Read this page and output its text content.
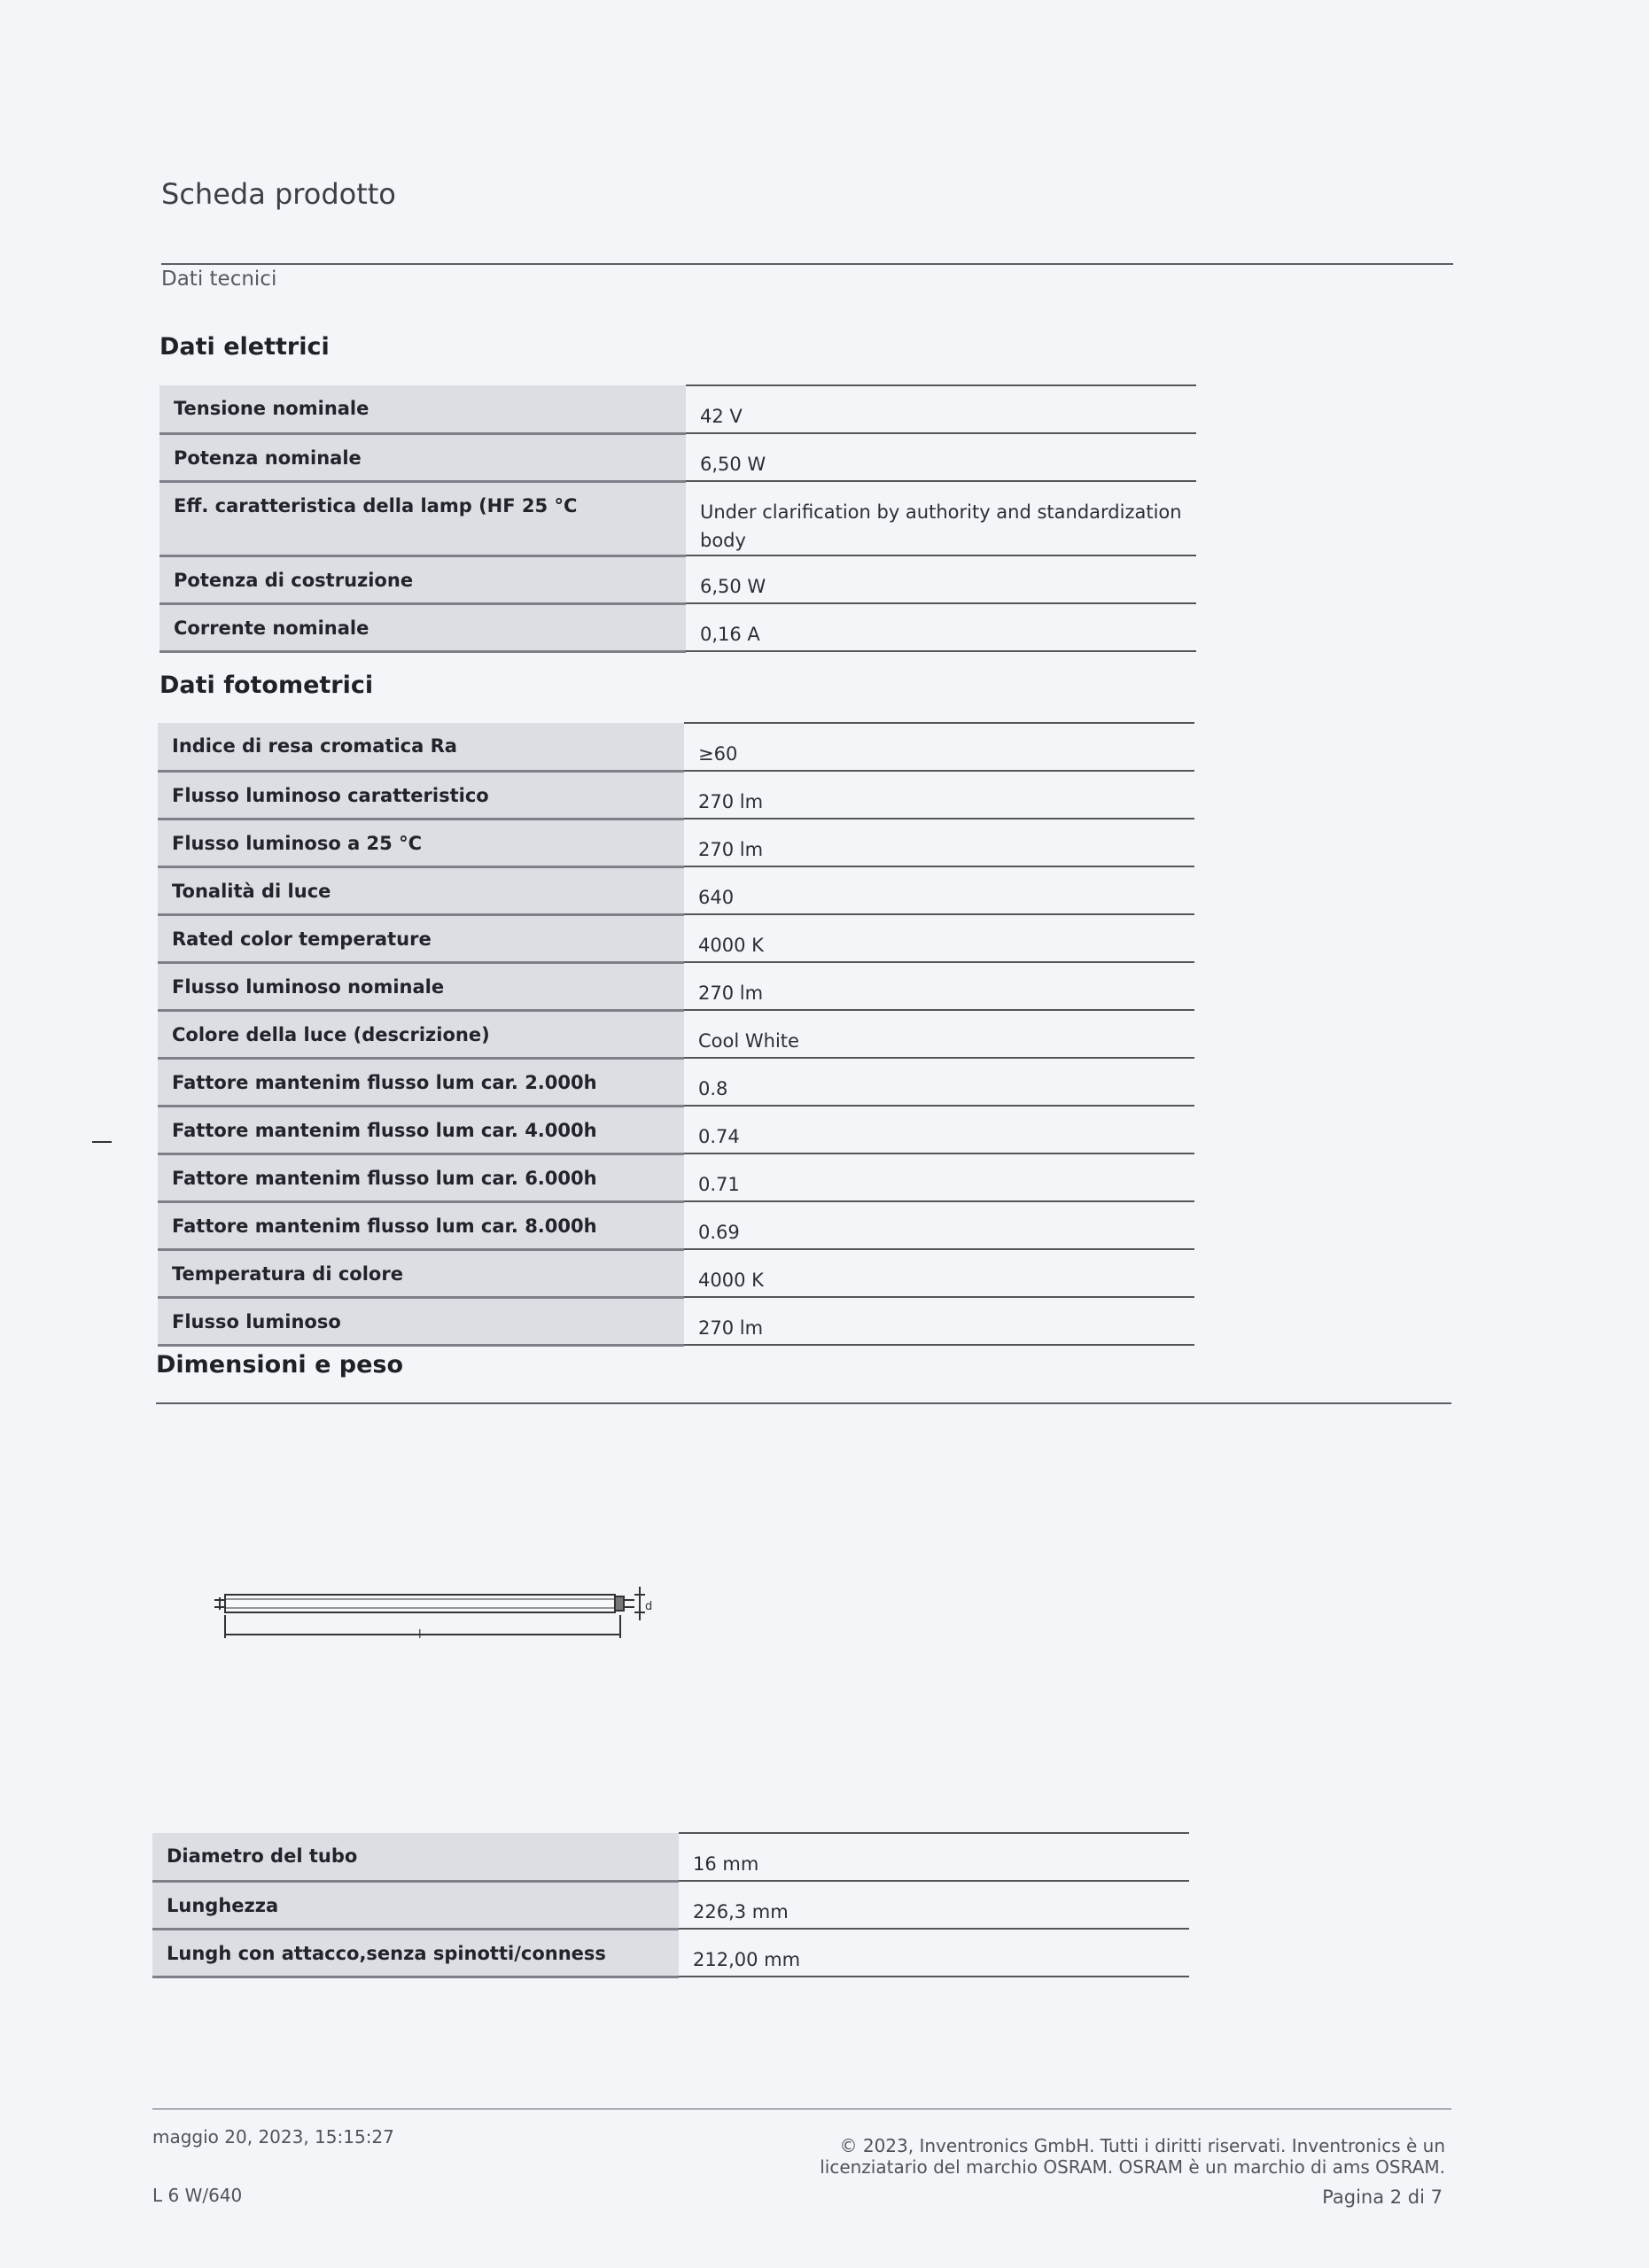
Scheda prodotto
Dati tecnici
Dati elettrici
Tensione nominale	42 V
Potenza nominale	6,50 W
Eff. caratteristica della lamp (HF 25 °C	Under clarification by authority and standardization body
Potenza di costruzione	6,50 W
Corrente nominale	0,16 A
Dati fotometrici
Indice di resa cromatica Ra	≥60
Flusso luminoso caratteristico	270 lm
Flusso luminoso a 25 °C	270 lm
Tonalità di luce	640
Rated color temperature	4000 K
Flusso luminoso nominale	270 lm
Colore della luce (descrizione)	Cool White
Fattore mantenim flusso lum car. 2.000h	0.8
Fattore mantenim flusso lum car. 4.000h	0.74
Fattore mantenim flusso lum car. 6.000h	0.71
Fattore mantenim flusso lum car. 8.000h	0.69
Temperatura di colore	4000 K
Flusso luminoso	270 lm
Dimensioni e peso
l
d
Diametro del tubo	16 mm
Lunghezza	226,3 mm
Lungh con attacco,senza spinotti/conness	212,00 mm
maggio 20, 2023, 15:15:27
L 6 W/640
© 2023, Inventronics GmbH. Tutti i diritti riservati. Inventronics è un licenziatario del marchio OSRAM. OSRAM è un marchio di ams OSRAM.
Pagina 2 di 7
